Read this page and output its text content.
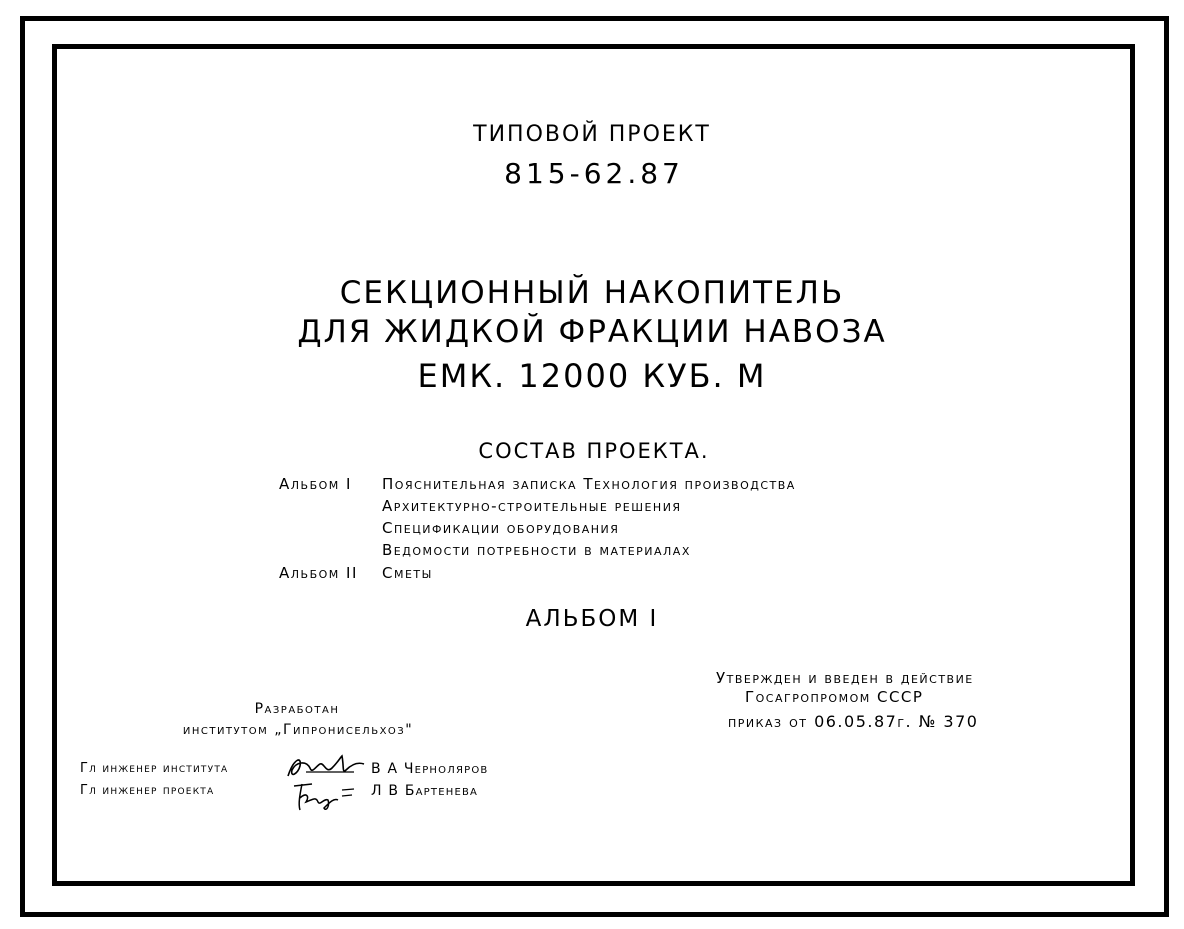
ТИПОВОЙ ПРОЕКТ
815-62.87
СЕКЦИОННЫЙ НАКОПИТЕЛЬ
ДЛЯ ЖИДКОЙ ФРАКЦИИ НАВОЗА
ЕМК. 12000 КУБ. М
СОСТАВ ПРОЕКТА.
Альбом I Пояснительная записка Технология производства
Архитектурно-строительные решения
Спецификации оборудования
Ведомости потребности в материалах
Альбом II Сметы
АЛЬБОМ I
Разработан
институтом „Гипронисельхоз"
Гл инженер института	В А Черноляров
Гл инженер проекта	Л В Бартенева
Утвержден и введен в действие
Госагропромом СССР
приказ от 06.05.87г. № 370
